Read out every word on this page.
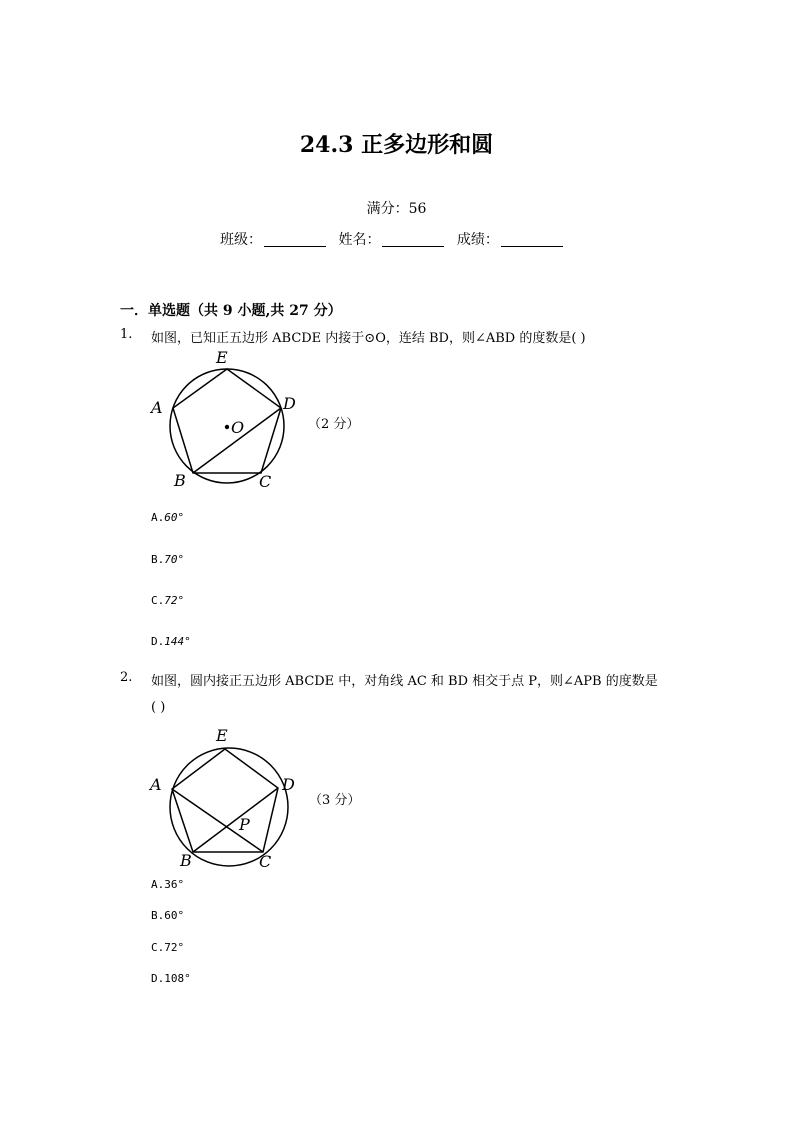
24.3 正多边形和圆
满分：56
班级：	姓名：	成绩：
一．单选题（共 9 小题,共 27 分）
1. 如图，已知正五边形 ABCDE 内接于⊙O，连结 BD，则∠ABD 的度数是( )
E
A	D
O
B	C
（2 分）
A.60°
B.70°
C.72°
D.144°
2. 如图，圆内接正五边形 ABCDE 中，对角线 AC 和 BD 相交于点 P，则∠APB 的度数是
( )
E
A	D
P
B	C
（3 分）
A.36°
B.60°
C.72°
D.108°
